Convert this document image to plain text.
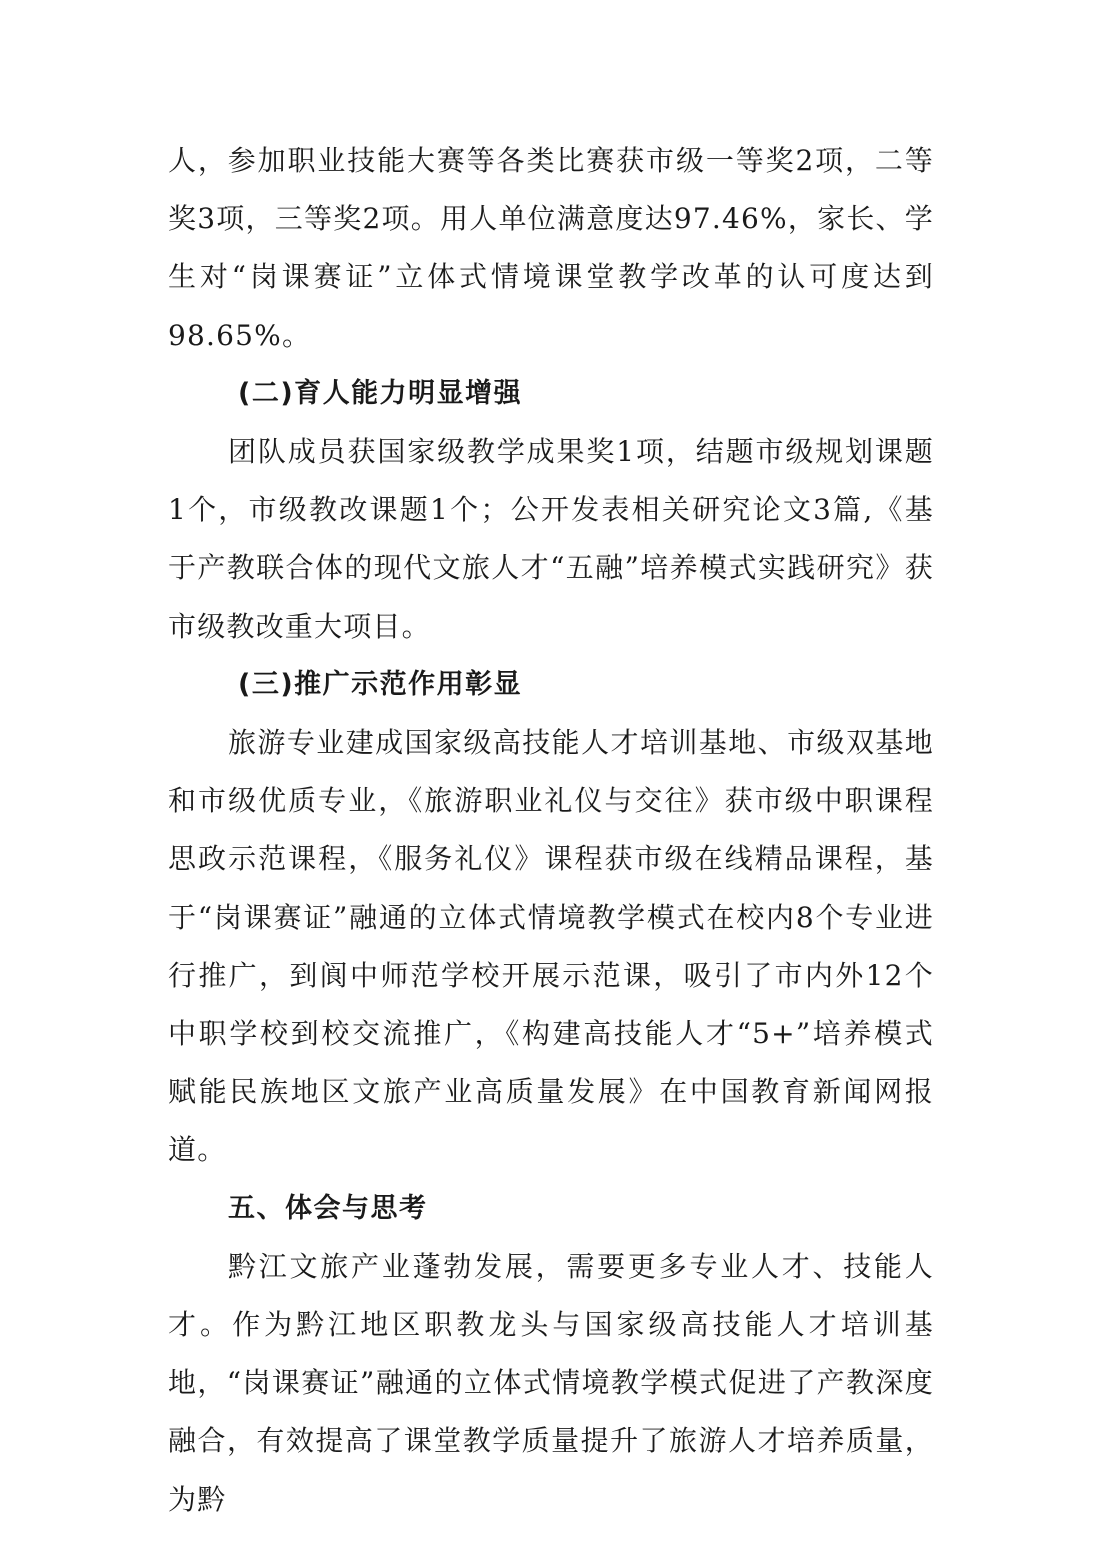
人，参加职业技能大赛等各类比赛获市级一等奖2项，二等奖3项，三等奖2项。用人单位满意度达97.46%，家长、学生对“岗课赛证”立体式情境课堂教学改革的认可度达到98.65%。

(二)育人能力明显增强

团队成员获国家级教学成果奖1项，结题市级规划课题1个，市级教改课题1个；公开发表相关研究论文3篇,《基于产教联合体的现代文旅人才“五融”培养模式实践研究》获市级教改重大项目。

(三)推广示范作用彰显

旅游专业建成国家级高技能人才培训基地、市级双基地和市级优质专业，《旅游职业礼仪与交往》获市级中职课程思政示范课程，《服务礼仪》课程获市级在线精品课程，基于“岗课赛证”融通的立体式情境教学模式在校内8个专业进行推广，到阆中师范学校开展示范课，吸引了市内外12个中职学校到校交流推广，《构建高技能人才“5+”培养模式 赋能民族地区文旅产业高质量发展》在中国教育新闻网报道。

五、体会与思考

黔江文旅产业蓬勃发展，需要更多专业人才、技能人才。作为黔江地区职教龙头与国家级高技能人才培训基地，“岗课赛证”融通的立体式情境教学模式促进了产教深度融合，有效提高了课堂教学质量提升了旅游人才培养质量，为黔
